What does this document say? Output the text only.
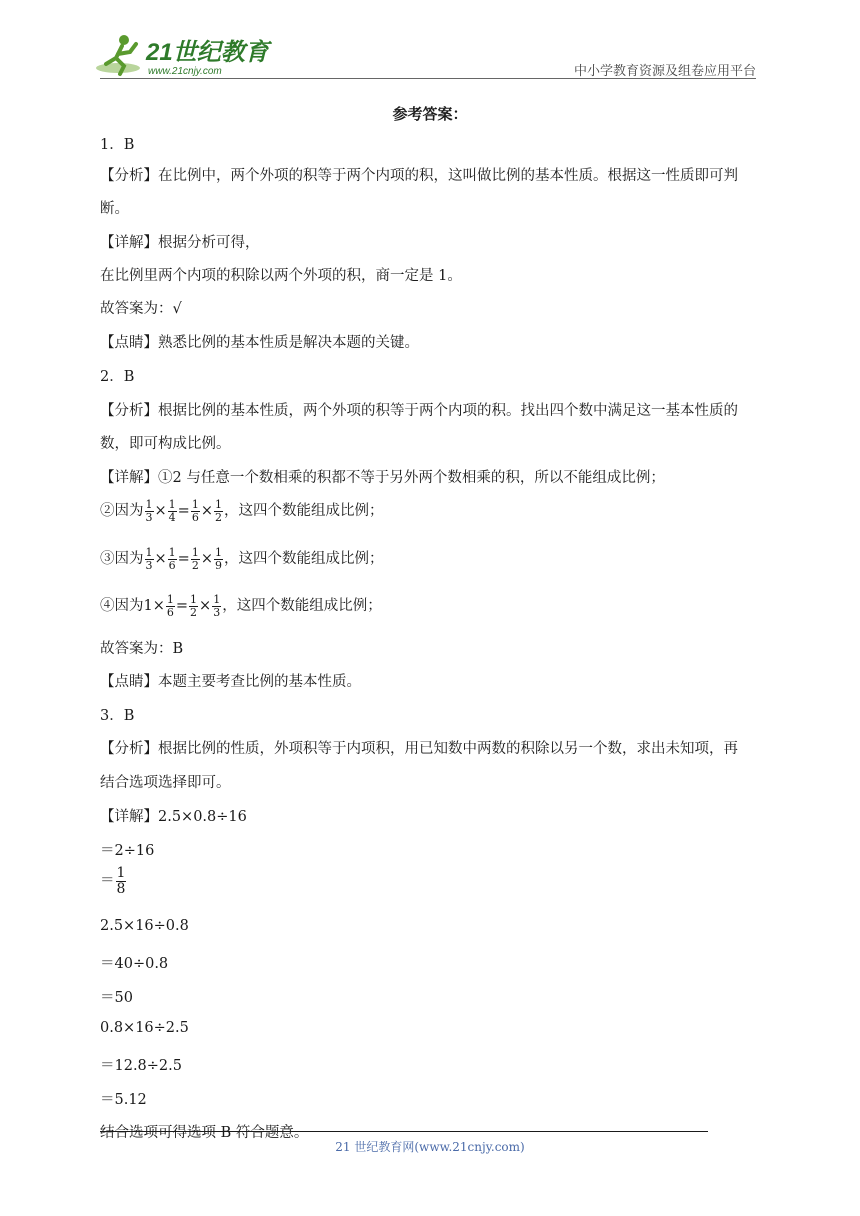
21世纪教育
www.21cnjy.com	中小学教育资源及组卷应用平台
参考答案：
1．B
【分析】在比例中，两个外项的积等于两个内项的积，这叫做比例的基本性质。根据这一性质即可判
断。
【详解】根据分析可得，
在比例里两个内项的积除以两个外项的积，商一定是 1。
故答案为：√
【点睛】熟悉比例的基本性质是解决本题的关键。
2．B
【分析】根据比例的基本性质，两个外项的积等于两个内项的积。找出四个数中满足这一基本性质的
数，即可构成比例。
【详解】①2 与任意一个数相乘的积都不等于另外两个数相乘的积，所以不能组成比例；
②因为 $\frac{1}{3} \times \frac{1}{4} = \frac{1}{6} \times \frac{1}{2}$ ，这四个数能组成比例；
③因为 $\frac{1}{3} \times \frac{1}{6} = \frac{1}{2} \times \frac{1}{9}$ ，这四个数能组成比例；
④因为$1\times \frac{1}{6} = \frac{1}{2} \times \frac{1}{3}$ ，这四个数能组成比例；
故答案为：B
【点睛】本题主要考查比例的基本性质。
3．B
【分析】根据比例的性质，外项积等于内项积，用已知数中两数的积除以另一个数，求出未知项，再
结合选项选择即可。
【详解】2.5×0.8÷16
＝2÷16
＝ $\frac{1}{8}$
2.5×16÷0.8
＝40÷0.8
＝50
0.8×16÷2.5
＝12.8÷2.5
＝5.12
结合选项可得选项 B 符合题意。
21 世纪教育网(www.21cnjy.com)
